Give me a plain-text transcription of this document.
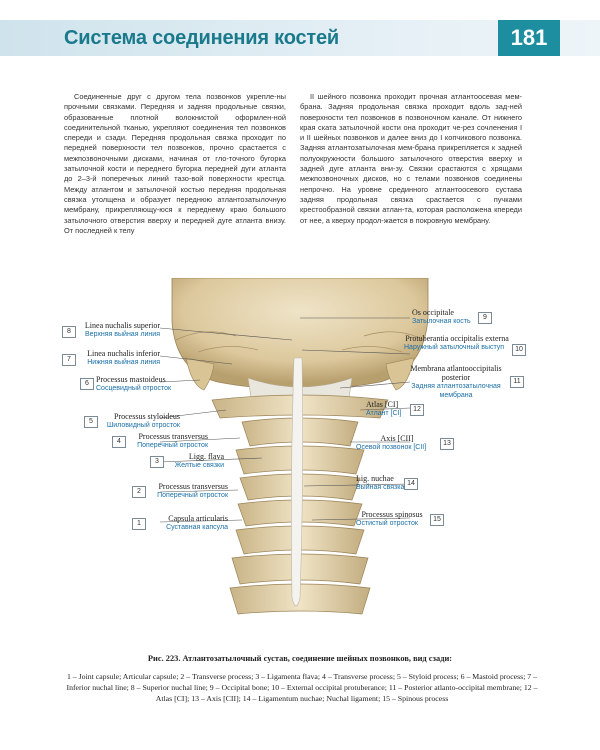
Система соединения костей	181
Соединенные друг с другом тела позвонков укрепле-ны прочными связками. Передняя и задняя продольные связки, образованные плотной волокнистой оформлен-ной соединительной тканью, укрепляют соединения тел позвонков спереди и сзади. Передняя продольная связка проходит по передней поверхности тел позвонков, прочно срастается с межпозвоночными дисками, начиная от гло-точного бугорка затылочной кости и переднего бугорка передней дуги атланта до 2–3-й поперечных линий тазо-вой поверхности крестца. Между атлантом и затылочной костью передняя продольная связка утолщена и образует переднюю атлантозатылочную мембрану, прикрепляющу-юся к переднему краю большого затылочного отверстия вверху и передней дуге атланта внизу. От последней к телу
II шейного позвонка проходит прочная атлантоосевая мем-брана. Задняя продольная связка проходит вдоль зад-ней поверхности тел позвонков в позвоночном канале. От нижнего края ската затылочной кости она проходит че-рез сочленения I и II шейных позвонков и далее вниз до I копчикового позвонка. Задняя атлантозатылочная мем-брана прикрепляется к задней полуокружности большого затылочного отверстия вверху и задней дуге атланта вни-зу. Связки срастаются с хрящами межпозвоночных дисков, но с телами позвонков соединены непрочно. На уровне срединного атлантоосевого сустава задняя продольная связка срастается с пучками крестообразной связки атлан-та, которая расположена кпереди от нее, а кверху продол-жается в покровную мембрану.
8
Linea nuchalis superior
Верхняя выйная линия
7
Linea nuchalis inferior
Нижняя выйная линия
6 Processus mastoideus
Сосцевидный отросток
5
Processus styloideus
Шиловидный отросток
4
Processus transversus
Поперечный отросток
3
Ligg. flava
Желтые связки
2
Processus transversus
Поперечный отросток
1
Capsula articularis
Суставная капсула
Os occipitale
Затылочная кость
9
Protuberantia occipitalis externa
Наружный затылочный выступ	10
Membrana atlantooccipitalis posterior
Задняя атлантозатылочная мембрана
11
Atlas [CI]
Атлант [CI]
12
Axis [CII]
Осевой позвонок [CII]
13
Lig. nuchae
Выйная связка
14
Processus spinosus
Остистый отросток
15
Рис. 223. Атлантозатылочный сустав, соединение шейных позвонков, вид сзади:
1 – Joint capsule; Articular capsule; 2 – Transverse process; 3 – Ligamenta flava; 4 – Transverse process; 5 – Styloid process; 6 – Mastoid process; 7 – Inferior nuchal line; 8 – Superior nuchal line; 9 – Occipital bone; 10 – External occipital protuberance; 11 – Posterior atlanto-occipital membrane; 12 – Atlas [CI]; 13 – Axis [CII]; 14 – Ligamentum nuchae; Nuchal ligament; 15 – Spinous process
